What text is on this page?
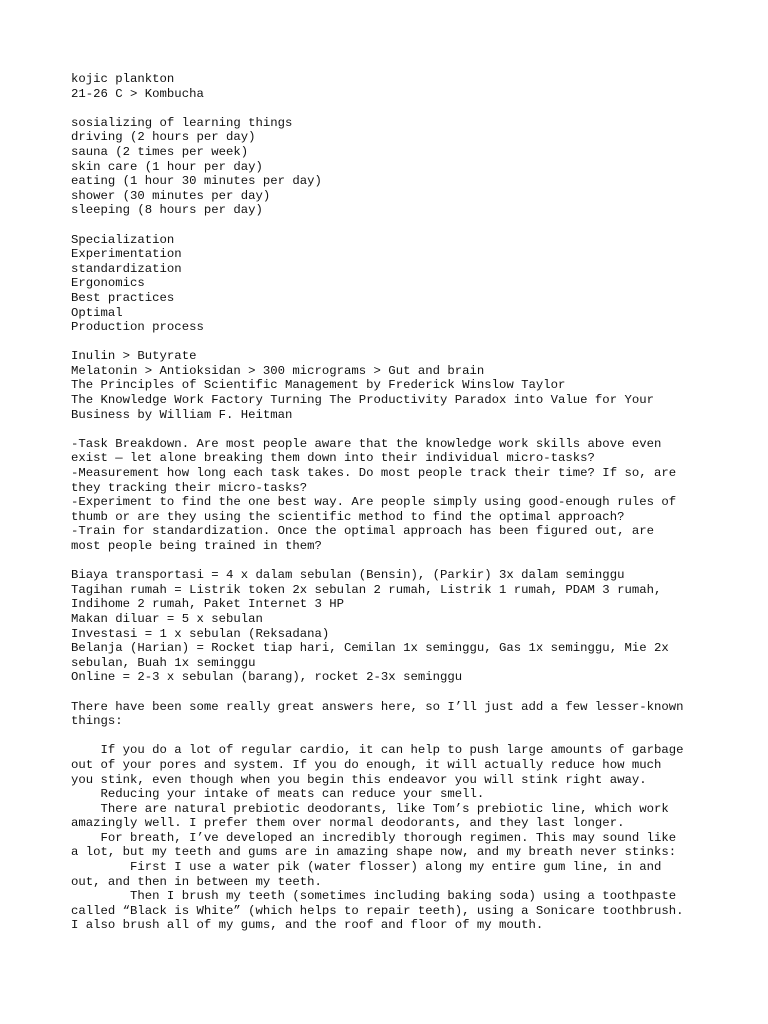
kojic plankton
21-26 C > Kombucha
sosializing of learning things
driving (2 hours per day)
sauna (2 times per week)
skin care (1 hour per day)
eating (1 hour 30 minutes per day)
shower (30 minutes per day)
sleeping (8 hours per day)
Specialization
Experimentation
standardization
Ergonomics
Best practices
Optimal
Production process
Inulin > Butyrate
Melatonin > Antioksidan > 300 micrograms > Gut and brain
The Principles of Scientific Management by Frederick Winslow Taylor
The Knowledge Work Factory Turning The Productivity Paradox into Value for Your
Business by William F. Heitman
-Task Breakdown. Are most people aware that the knowledge work skills above even
exist — let alone breaking them down into their individual micro-tasks?
-Measurement how long each task takes. Do most people track their time? If so, are
they tracking their micro-tasks?
-Experiment to find the one best way. Are people simply using good-enough rules of
thumb or are they using the scientific method to find the optimal approach?
-Train for standardization. Once the optimal approach has been figured out, are
most people being trained in them?
Biaya transportasi = 4 x dalam sebulan (Bensin), (Parkir) 3x dalam seminggu
Tagihan rumah = Listrik token 2x sebulan 2 rumah, Listrik 1 rumah, PDAM 3 rumah,
Indihome 2 rumah, Paket Internet 3 HP
Makan diluar = 5 x sebulan
Investasi = 1 x sebulan (Reksadana)
Belanja (Harian) = Rocket tiap hari, Cemilan 1x seminggu, Gas 1x seminggu, Mie 2x
sebulan, Buah 1x seminggu
Online = 2-3 x sebulan (barang), rocket 2-3x seminggu
There have been some really great answers here, so I’ll just add a few lesser-known
things:
If you do a lot of regular cardio, it can help to push large amounts of garbage
out of your pores and system. If you do enough, it will actually reduce how much
you stink, even though when you begin this endeavor you will stink right away.
Reducing your intake of meats can reduce your smell.
There are natural prebiotic deodorants, like Tom’s prebiotic line, which work
amazingly well. I prefer them over normal deodorants, and they last longer.
For breath, I’ve developed an incredibly thorough regimen. This may sound like
a lot, but my teeth and gums are in amazing shape now, and my breath never stinks:
First I use a water pik (water flosser) along my entire gum line, in and
out, and then in between my teeth.
Then I brush my teeth (sometimes including baking soda) using a toothpaste
called “Black is White” (which helps to repair teeth), using a Sonicare toothbrush.
I also brush all of my gums, and the roof and floor of my mouth.
